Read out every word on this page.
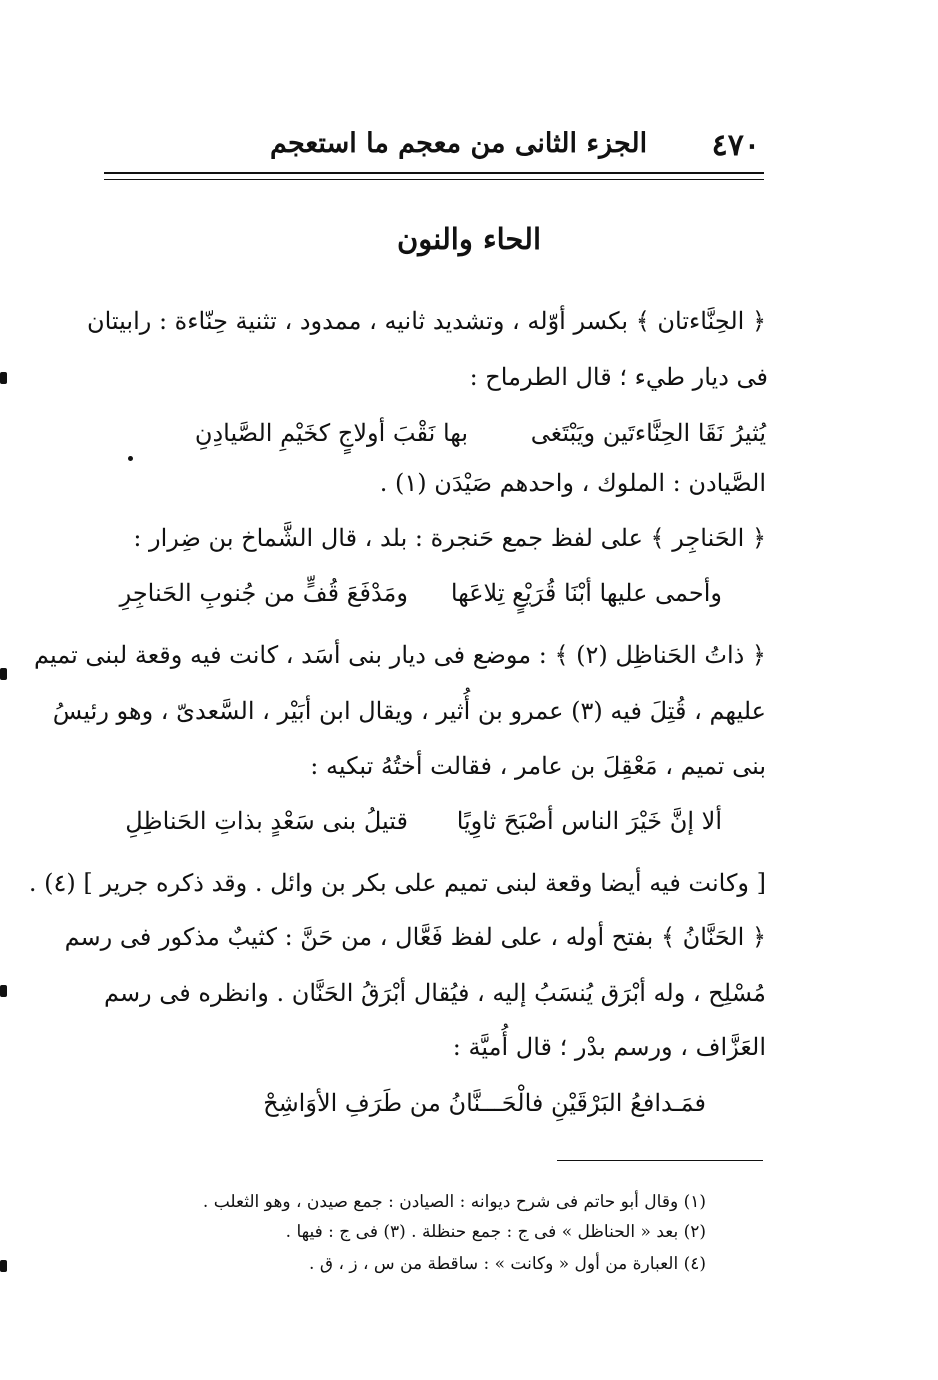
٤٧٠
الجزء الثانى من معجم ما استعجم
الحاء والنون
﴿ الحِنَّاءتان ﴾ بكسر أوّله ، وتشديد ثانيه ، ممدود ، تثنية حِنّاءة : رابيتان
فى ديار طيء ؛ قال الطرماح :
يُثيرُ نَقَا الحِنَّاءتَين ويَبْتَغى
بها نَقْبَ أولاجٍ كخَيْمِ الصَّيادِنِ
الصَّيادن : الملوك ، واحدهم صَيْدَن (١) .
﴿ الحَناجِر ﴾ على لفظ جمع حَنجرة : بلد ، قال الشَّماخ بن ضِرار :
وأحمى عليها أبْنَا قُرَيْعٍ تِلاعَها
ومَدْفَعَ قُفٍّ من جُنوبِ الحَناجِرِ
﴿ ذاتُ الحَناظِل (٢) ﴾ : موضع فى ديار بنى أسَد ، كانت فيه وقعة لبنى تميم
عليهم ، قُتِلَ فيه (٣) عمرو بن أُثير ، ويقال ابن أبَيْر ، السَّعدىّ ، وهو رئيسُ
بنى تميم ، مَعْقِلَ بن عامر ، فقالت أختُهُ تبكيه :
ألا إنَّ خَيْرَ الناس أصْبَحَ ثاوِيًا
قتيلُ بنى سَعْدٍ بذاتِ الحَناظِلِ
[ وكانت فيه أيضا وقعة لبنى تميم على بكر بن وائل . وقد ذكره جرير ] (٤) .
﴿ الحَنَّانُ ﴾ بفتح أوله ، على لفظ فَعَّال ، من حَنَّ : كثيبٌ مذكور فى رسم
مُسْلِح ، وله أبْرَق يُنسَبُ إليه ، فيُقال أبْرَقُ الحَنَّان . وانظره فى رسم
العَزَّاف ، ورسم بدْر ؛ قال أُميَّة :
فمَـدافعُ البَرْقَيْنِ فالْحَـــنَّانُ من طَرَفِ الأوَاشِحْ
(١) وقال أبو حاتم فى شرح ديوانه : الصيادن : جمع صيدن ، وهو الثعلب .
(٢) بعد « الحناظل » فى ج : جمع حنظلة . (٣) فى ج : فيها .
(٤) العبارة من أول « وكانت » : ساقطة من س ، ز ، ق .
